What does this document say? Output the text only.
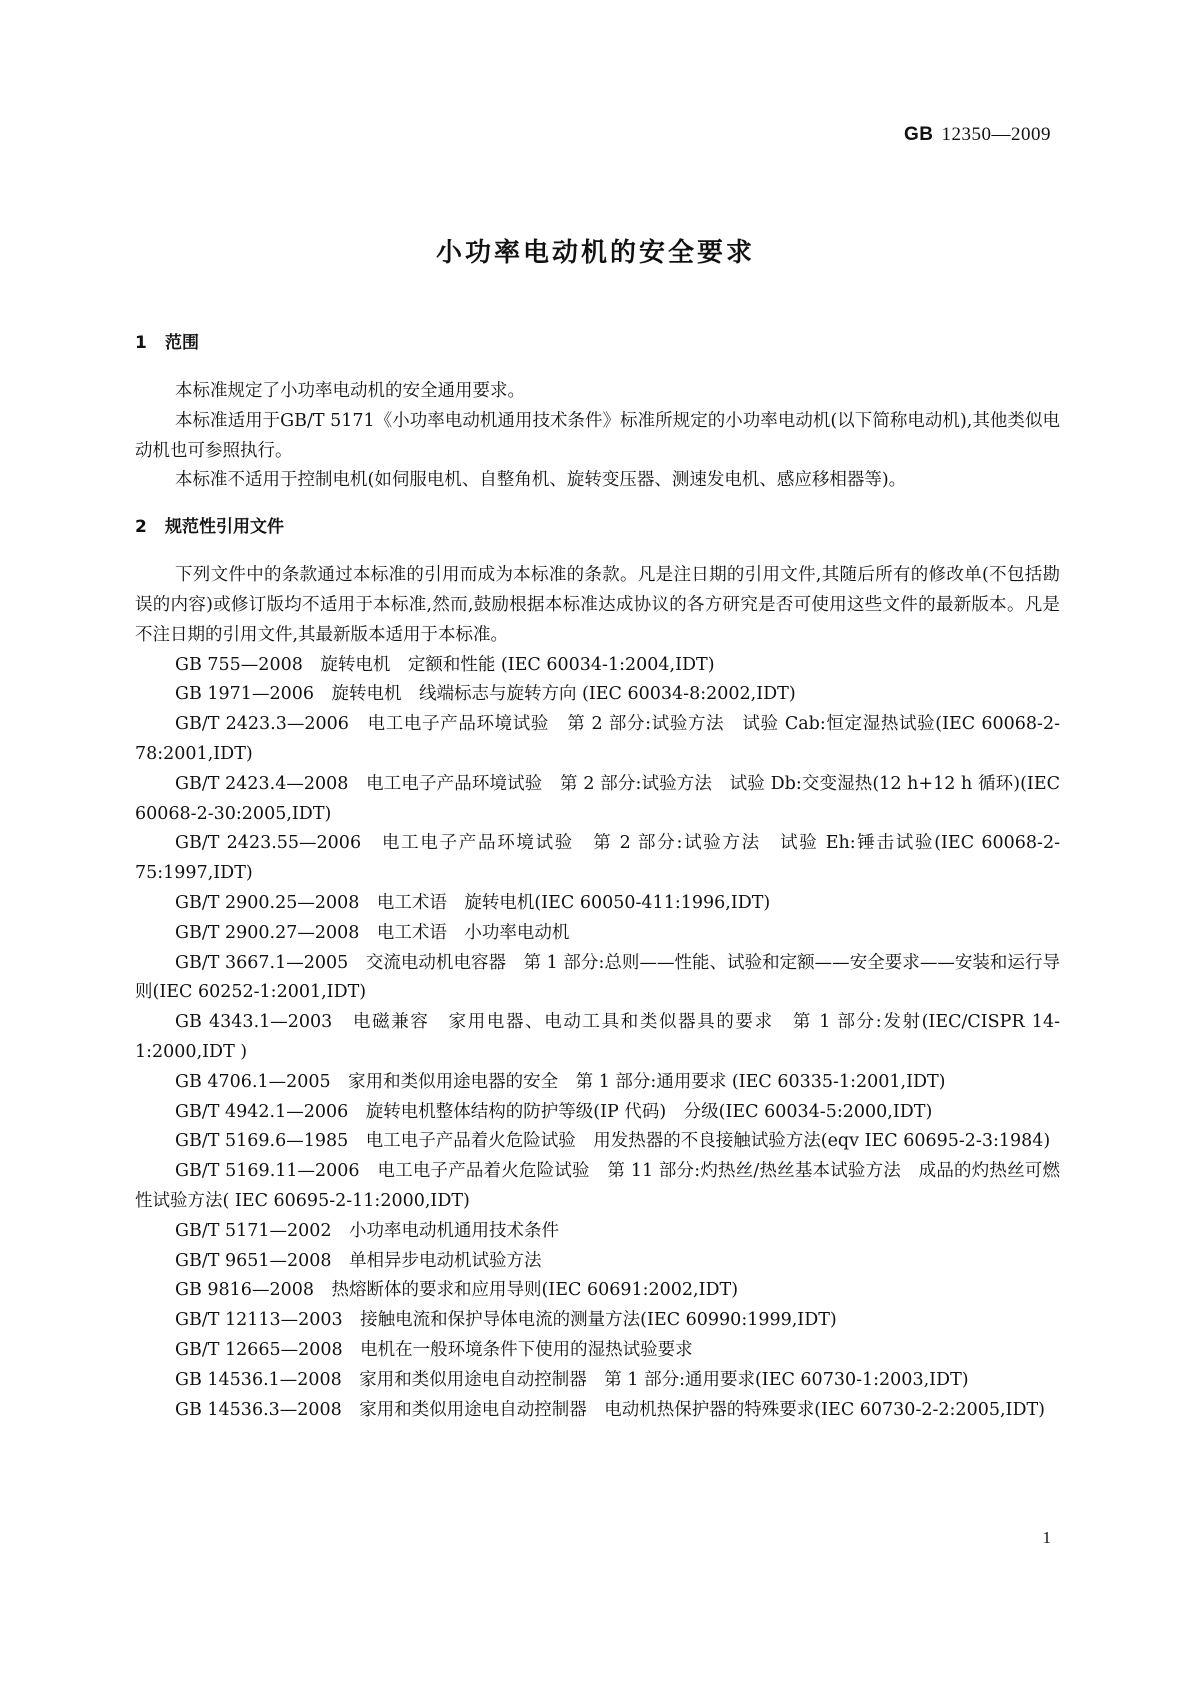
GB 12350—2009
小功率电动机的安全要求
1 范围

本标准规定了小功率电动机的安全通用要求。

本标准适用于GB/T 5171《小功率电动机通用技术条件》标准所规定的小功率电动机(以下简称电动机),其他类似电动机也可参照执行。

本标准不适用于控制电机(如伺服电机、自整角机、旋转变压器、测速发电机、感应移相器等)。

2 规范性引用文件

下列文件中的条款通过本标准的引用而成为本标准的条款。凡是注日期的引用文件,其随后所有的修改单(不包括勘误的内容)或修订版均不适用于本标准,然而,鼓励根据本标准达成协议的各方研究是否可使用这些文件的最新版本。凡是不注日期的引用文件,其最新版本适用于本标准。

GB 755—2008　旋转电机　定额和性能 (IEC 60034-1:2004,IDT)

GB 1971—2006　旋转电机　线端标志与旋转方向 (IEC 60034-8:2002,IDT)

GB/T 2423.3—2006　电工电子产品环境试验　第 2 部分:试验方法　试验 Cab:恒定湿热试验(IEC 60068-2-78:2001,IDT)

GB/T 2423.4—2008　电工电子产品环境试验　第 2 部分:试验方法　试验 Db:交变湿热(12 h+12 h 循环)(IEC 60068-2-30:2005,IDT)

GB/T 2423.55—2006　电工电子产品环境试验　第 2 部分:试验方法　试验 Eh:锤击试验(IEC 60068-2-75:1997,IDT)

GB/T 2900.25—2008　电工术语　旋转电机(IEC 60050-411:1996,IDT)

GB/T 2900.27—2008　电工术语　小功率电动机

GB/T 3667.1—2005　交流电动机电容器　第 1 部分:总则——性能、试验和定额——安全要求——安装和运行导则(IEC 60252-1:2001,IDT)

GB 4343.1—2003　电磁兼容　家用电器、电动工具和类似器具的要求　第 1 部分:发射(IEC/CISPR 14-1:2000,IDT )

GB 4706.1—2005　家用和类似用途电器的安全　第 1 部分:通用要求 (IEC 60335-1:2001,IDT)

GB/T 4942.1—2006　旋转电机整体结构的防护等级(IP 代码)　分级(IEC 60034-5:2000,IDT)

GB/T 5169.6—1985　电工电子产品着火危险试验　用发热器的不良接触试验方法(eqv IEC 60695-2-3:1984)

GB/T 5169.11—2006　电工电子产品着火危险试验　第 11 部分:灼热丝/热丝基本试验方法　成品的灼热丝可燃性试验方法( IEC 60695-2-11:2000,IDT)

GB/T 5171—2002　小功率电动机通用技术条件

GB/T 9651—2008　单相异步电动机试验方法

GB 9816—2008　热熔断体的要求和应用导则(IEC 60691:2002,IDT)

GB/T 12113—2003　接触电流和保护导体电流的测量方法(IEC 60990:1999,IDT)

GB/T 12665—2008　电机在一般环境条件下使用的湿热试验要求

GB 14536.1—2008　家用和类似用途电自动控制器　第 1 部分:通用要求(IEC 60730-1:2003,IDT)

GB 14536.3—2008　家用和类似用途电自动控制器　电动机热保护器的特殊要求(IEC 60730-2-2:2005,IDT)

1
